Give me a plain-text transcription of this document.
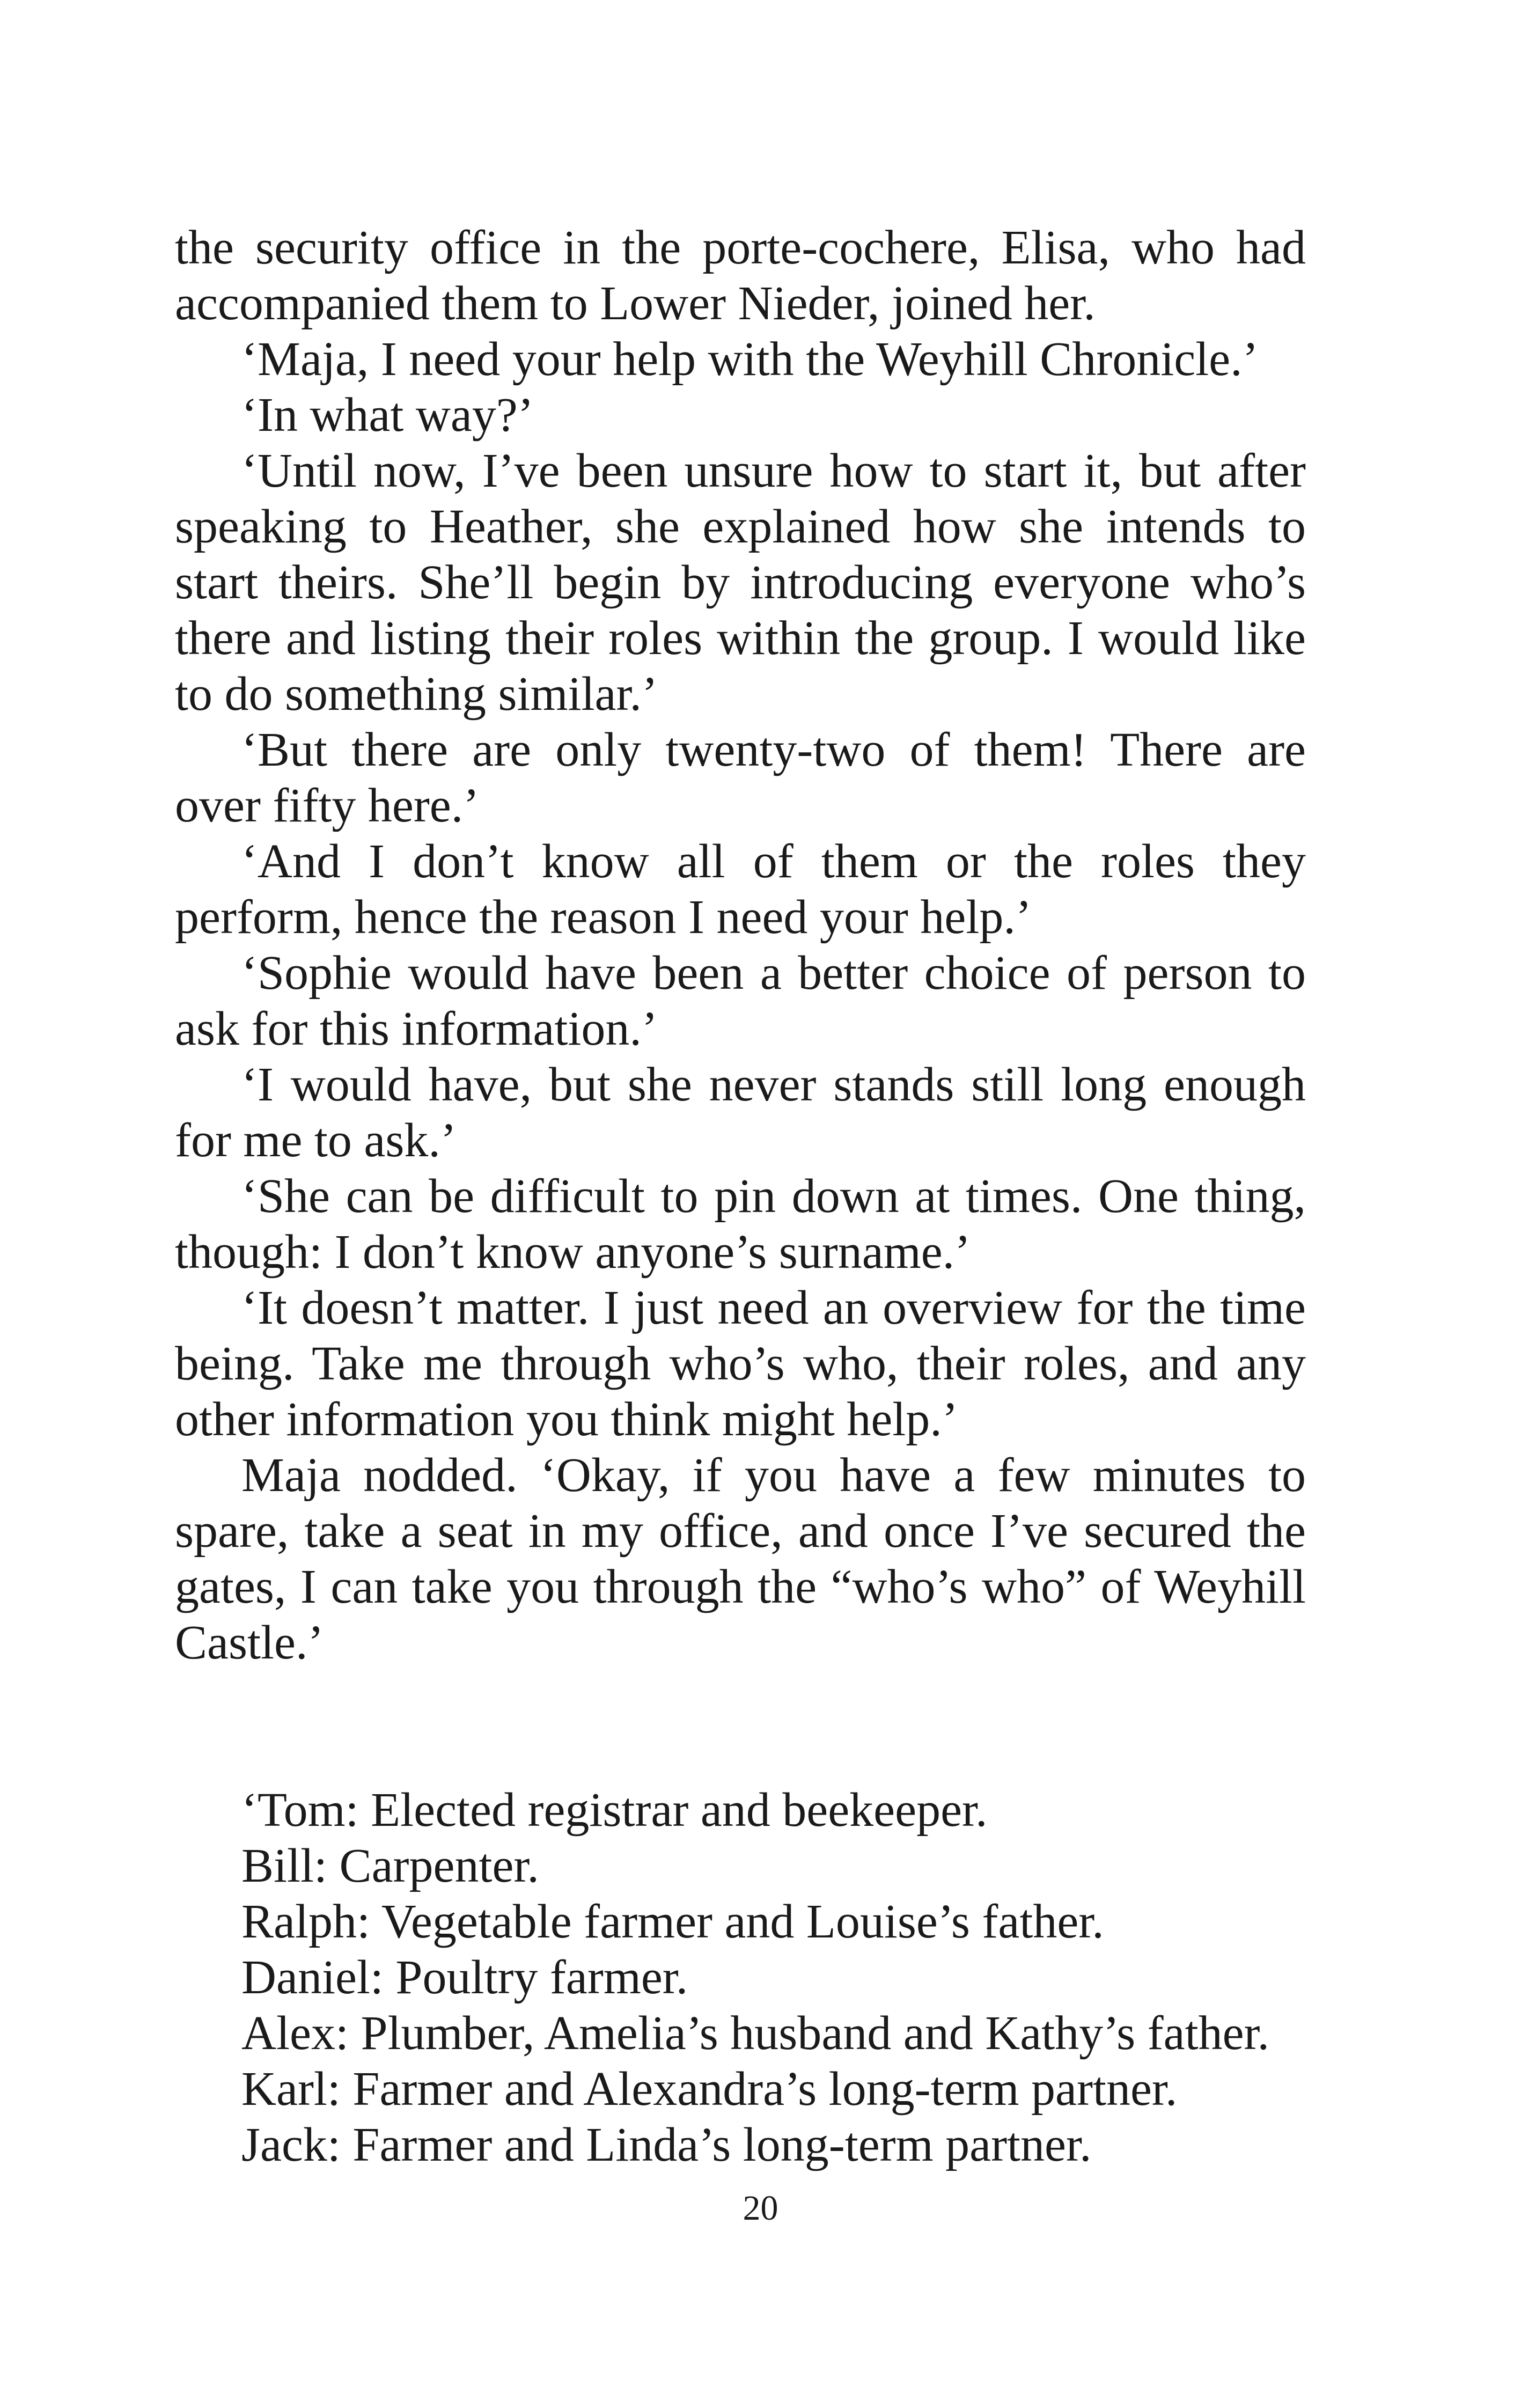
the security office in the porte-cochere, Elisa, who had accompanied them to Lower Nieder, joined her.

‘Maja, I need your help with the Weyhill Chronicle.’

‘In what way?’

‘Until now, I’ve been unsure how to start it, but after speaking to Heather, she explained how she intends to start theirs. She’ll begin by introducing everyone who’s there and listing their roles within the group. I would like to do something similar.’

‘But there are only twenty-two of them! There are over fifty here.’

‘And I don’t know all of them or the roles they perform, hence the reason I need your help.’

‘Sophie would have been a better choice of person to ask for this information.’

‘I would have, but she never stands still long enough for me to ask.’

‘She can be difficult to pin down at times. One thing, though: I don’t know anyone’s surname.’

‘It doesn’t matter. I just need an overview for the time being. Take me through who’s who, their roles, and any other information you think might help.’

Maja nodded. ‘Okay, if you have a few minutes to spare, take a seat in my office, and once I’ve secured the gates, I can take you through the “who’s who” of Weyhill Castle.’

‘Tom: Elected registrar and beekeeper.

Bill: Carpenter.

Ralph: Vegetable farmer and Louise’s father.

Daniel: Poultry farmer.

Alex: Plumber, Amelia’s husband and Kathy’s father.

Karl: Farmer and Alexandra’s long-term partner.

Jack: Farmer and Linda’s long-term partner.

20
